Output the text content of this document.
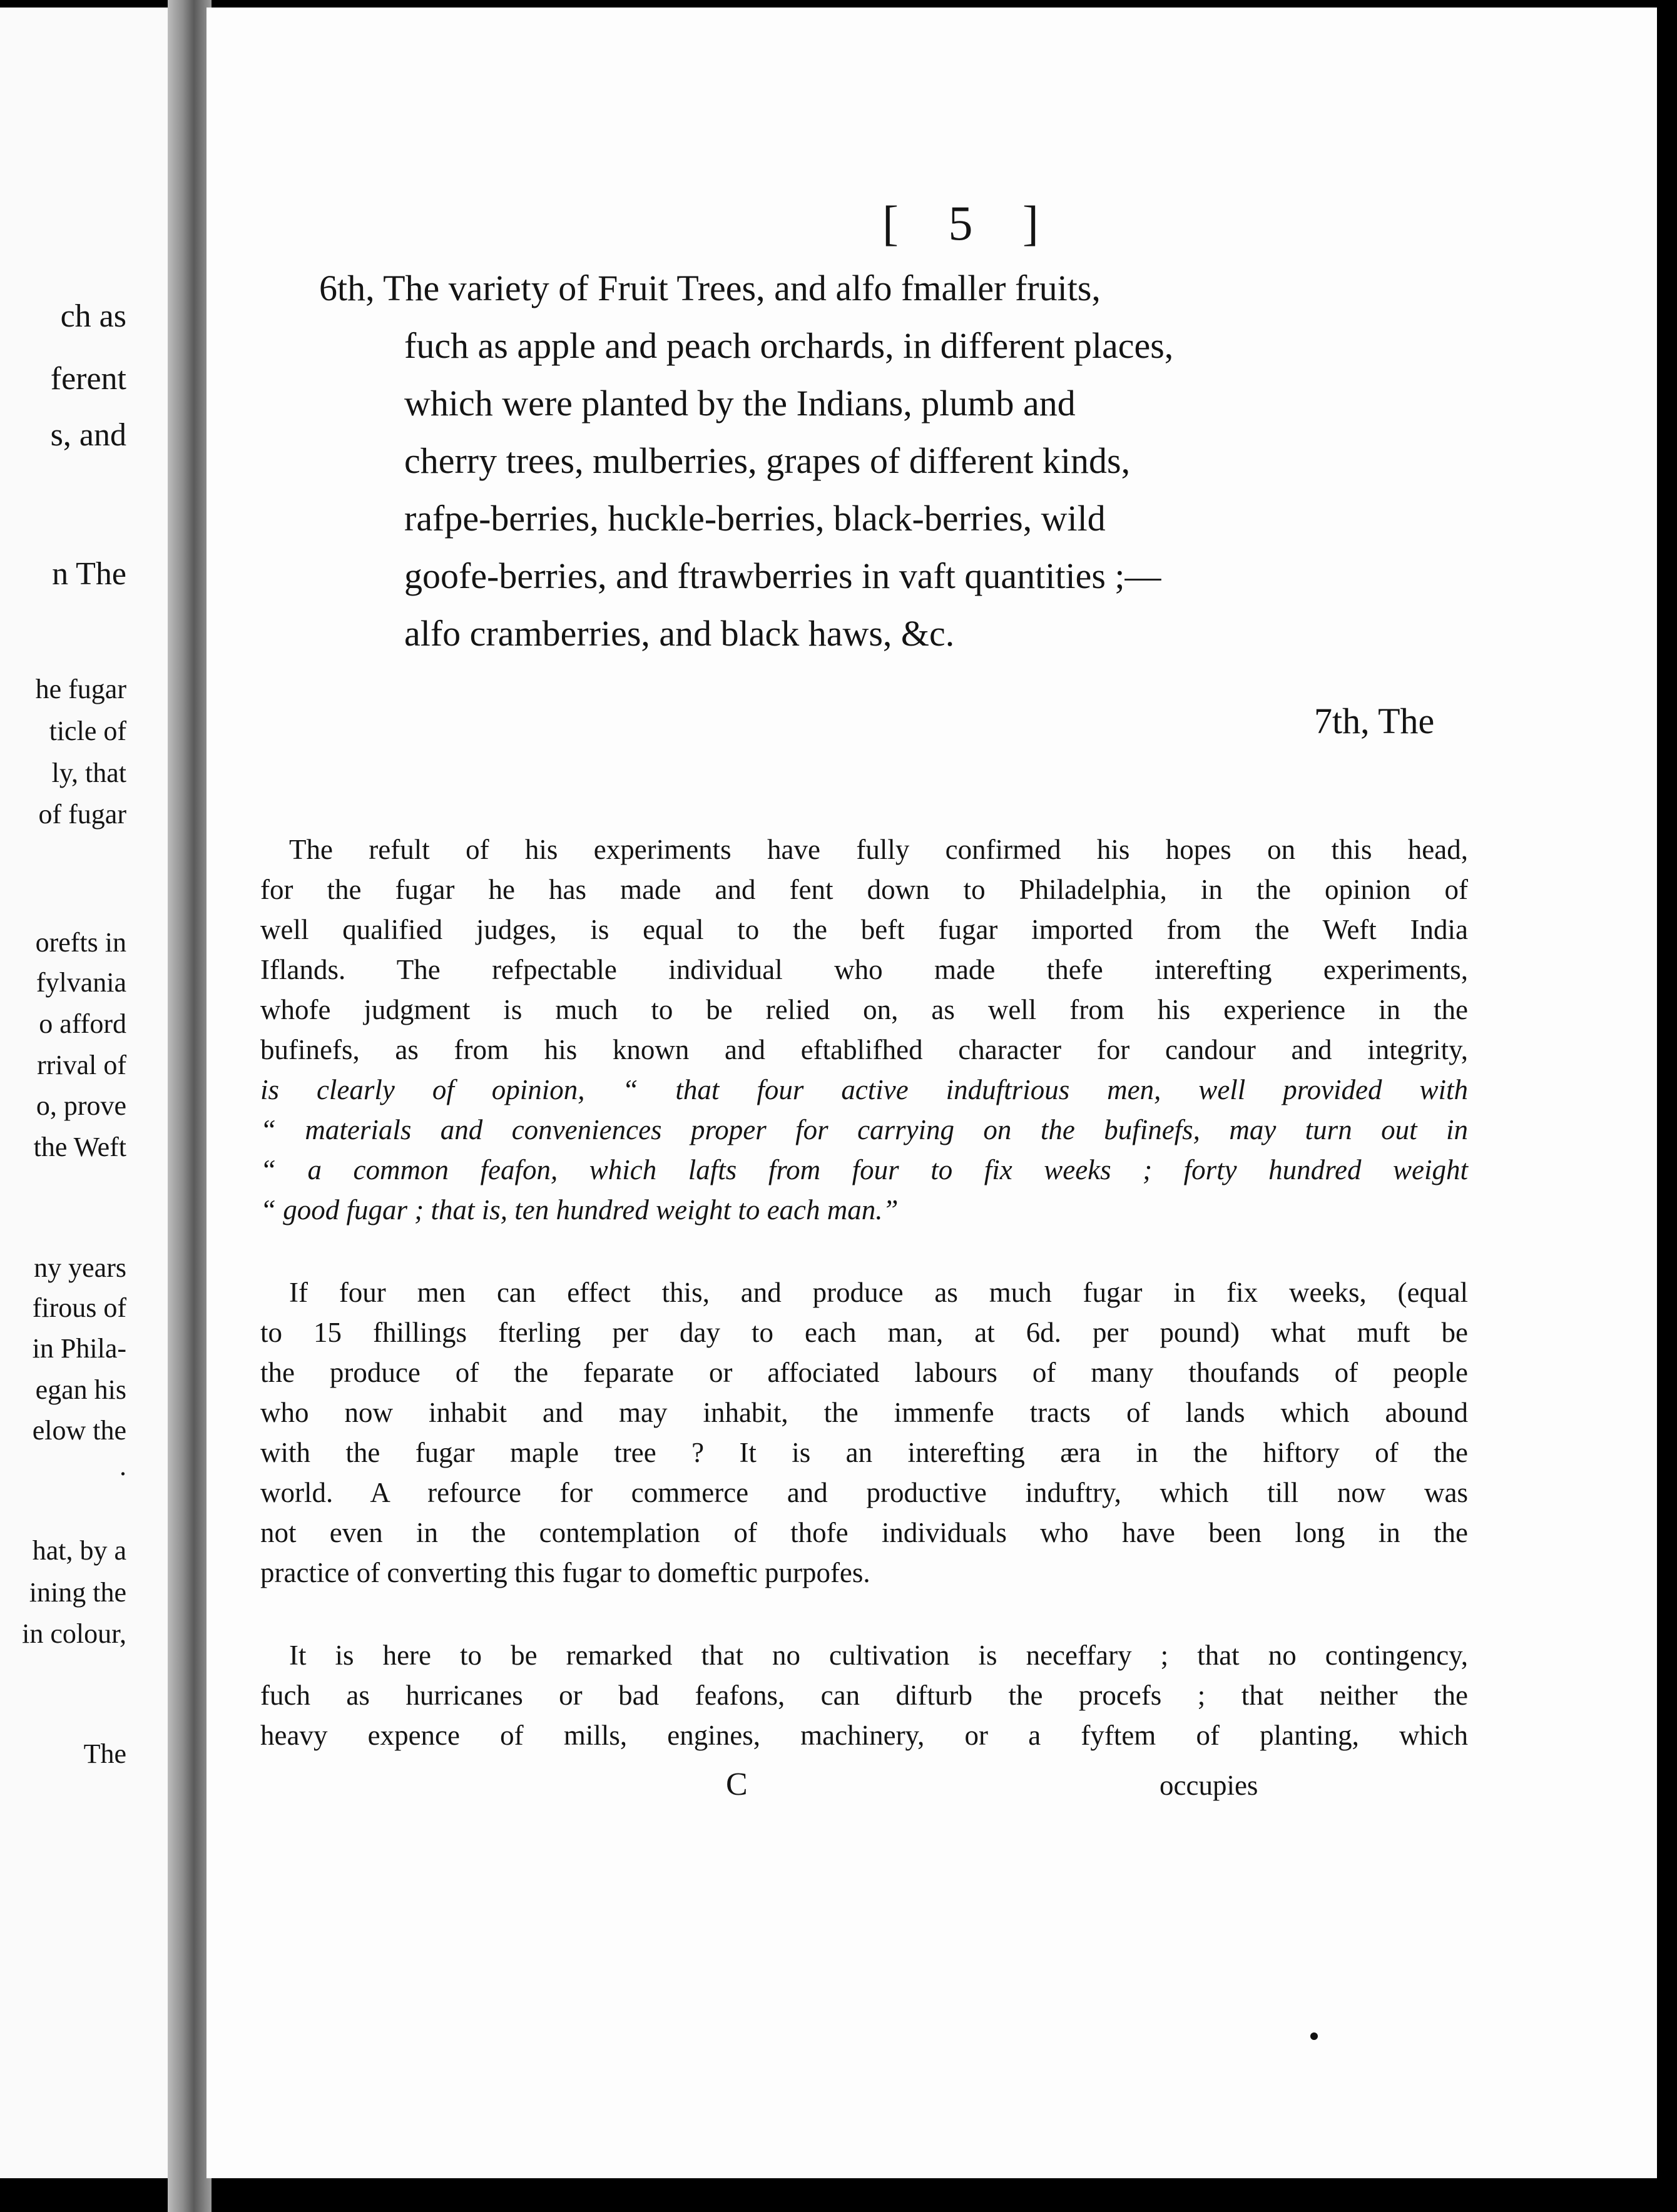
ch as
ferent
s, and
n The
he fugar
ticle of
ly, that
of fugar
orefts in
fylvania
o afford
rrival of
o, prove
the Weft
ny years
firous of
in Phila-
egan his
elow the
.
hat, by a
ining the
in colour,
The
[ 5 ]
6th, The variety of Fruit Trees, and alfo fmaller fruits,
fuch as apple and peach orchards, in different places,
which were planted by the Indians, plumb and
cherry trees, mulberries, grapes of different kinds,
rafpe-berries, huckle-berries, black-berries, wild
goofe-berries, and ftrawberries in vaft quantities ;—
alfo cramberries, and black haws, &c.
7th, The
The refult of his experiments have fully confirmed his hopes on this head,
for the fugar he has made and fent down to Philadelphia, in the opinion of
well qualified judges, is equal to the beft fugar imported from the Weft India
Iflands. The refpectable individual who made thefe interefting experiments,
whofe judgment is much to be relied on, as well from his experience in the
bufinefs, as from his known and eftablifhed character for candour and integrity,
is clearly of opinion, “ that four active induftrious men, well provided with
“ materials and conveniences proper for carrying on the bufinefs, may turn out in
“ a common feafon, which lafts from four to fix weeks ; forty hundred weight
“ good fugar ; that is, ten hundred weight to each man.”
If four men can effect this, and produce as much fugar in fix weeks, (equal
to 15 fhillings fterling per day to each man, at 6d. per pound) what muft be
the produce of the feparate or affociated labours of many thoufands of people
who now inhabit and may inhabit, the immenfe tracts of lands which abound
with the fugar maple tree ? It is an interefting æra in the hiftory of the
world. A refource for commerce and productive induftry, which till now was
not even in the contemplation of thofe individuals who have been long in the
practice of converting this fugar to domeftic purpofes.
It is here to be remarked that no cultivation is neceffary ; that no contingency,
fuch as hurricanes or bad feafons, can difturb the procefs ; that neither the
heavy expence of mills, engines, machinery, or a fyftem of planting, which
C	occupies
